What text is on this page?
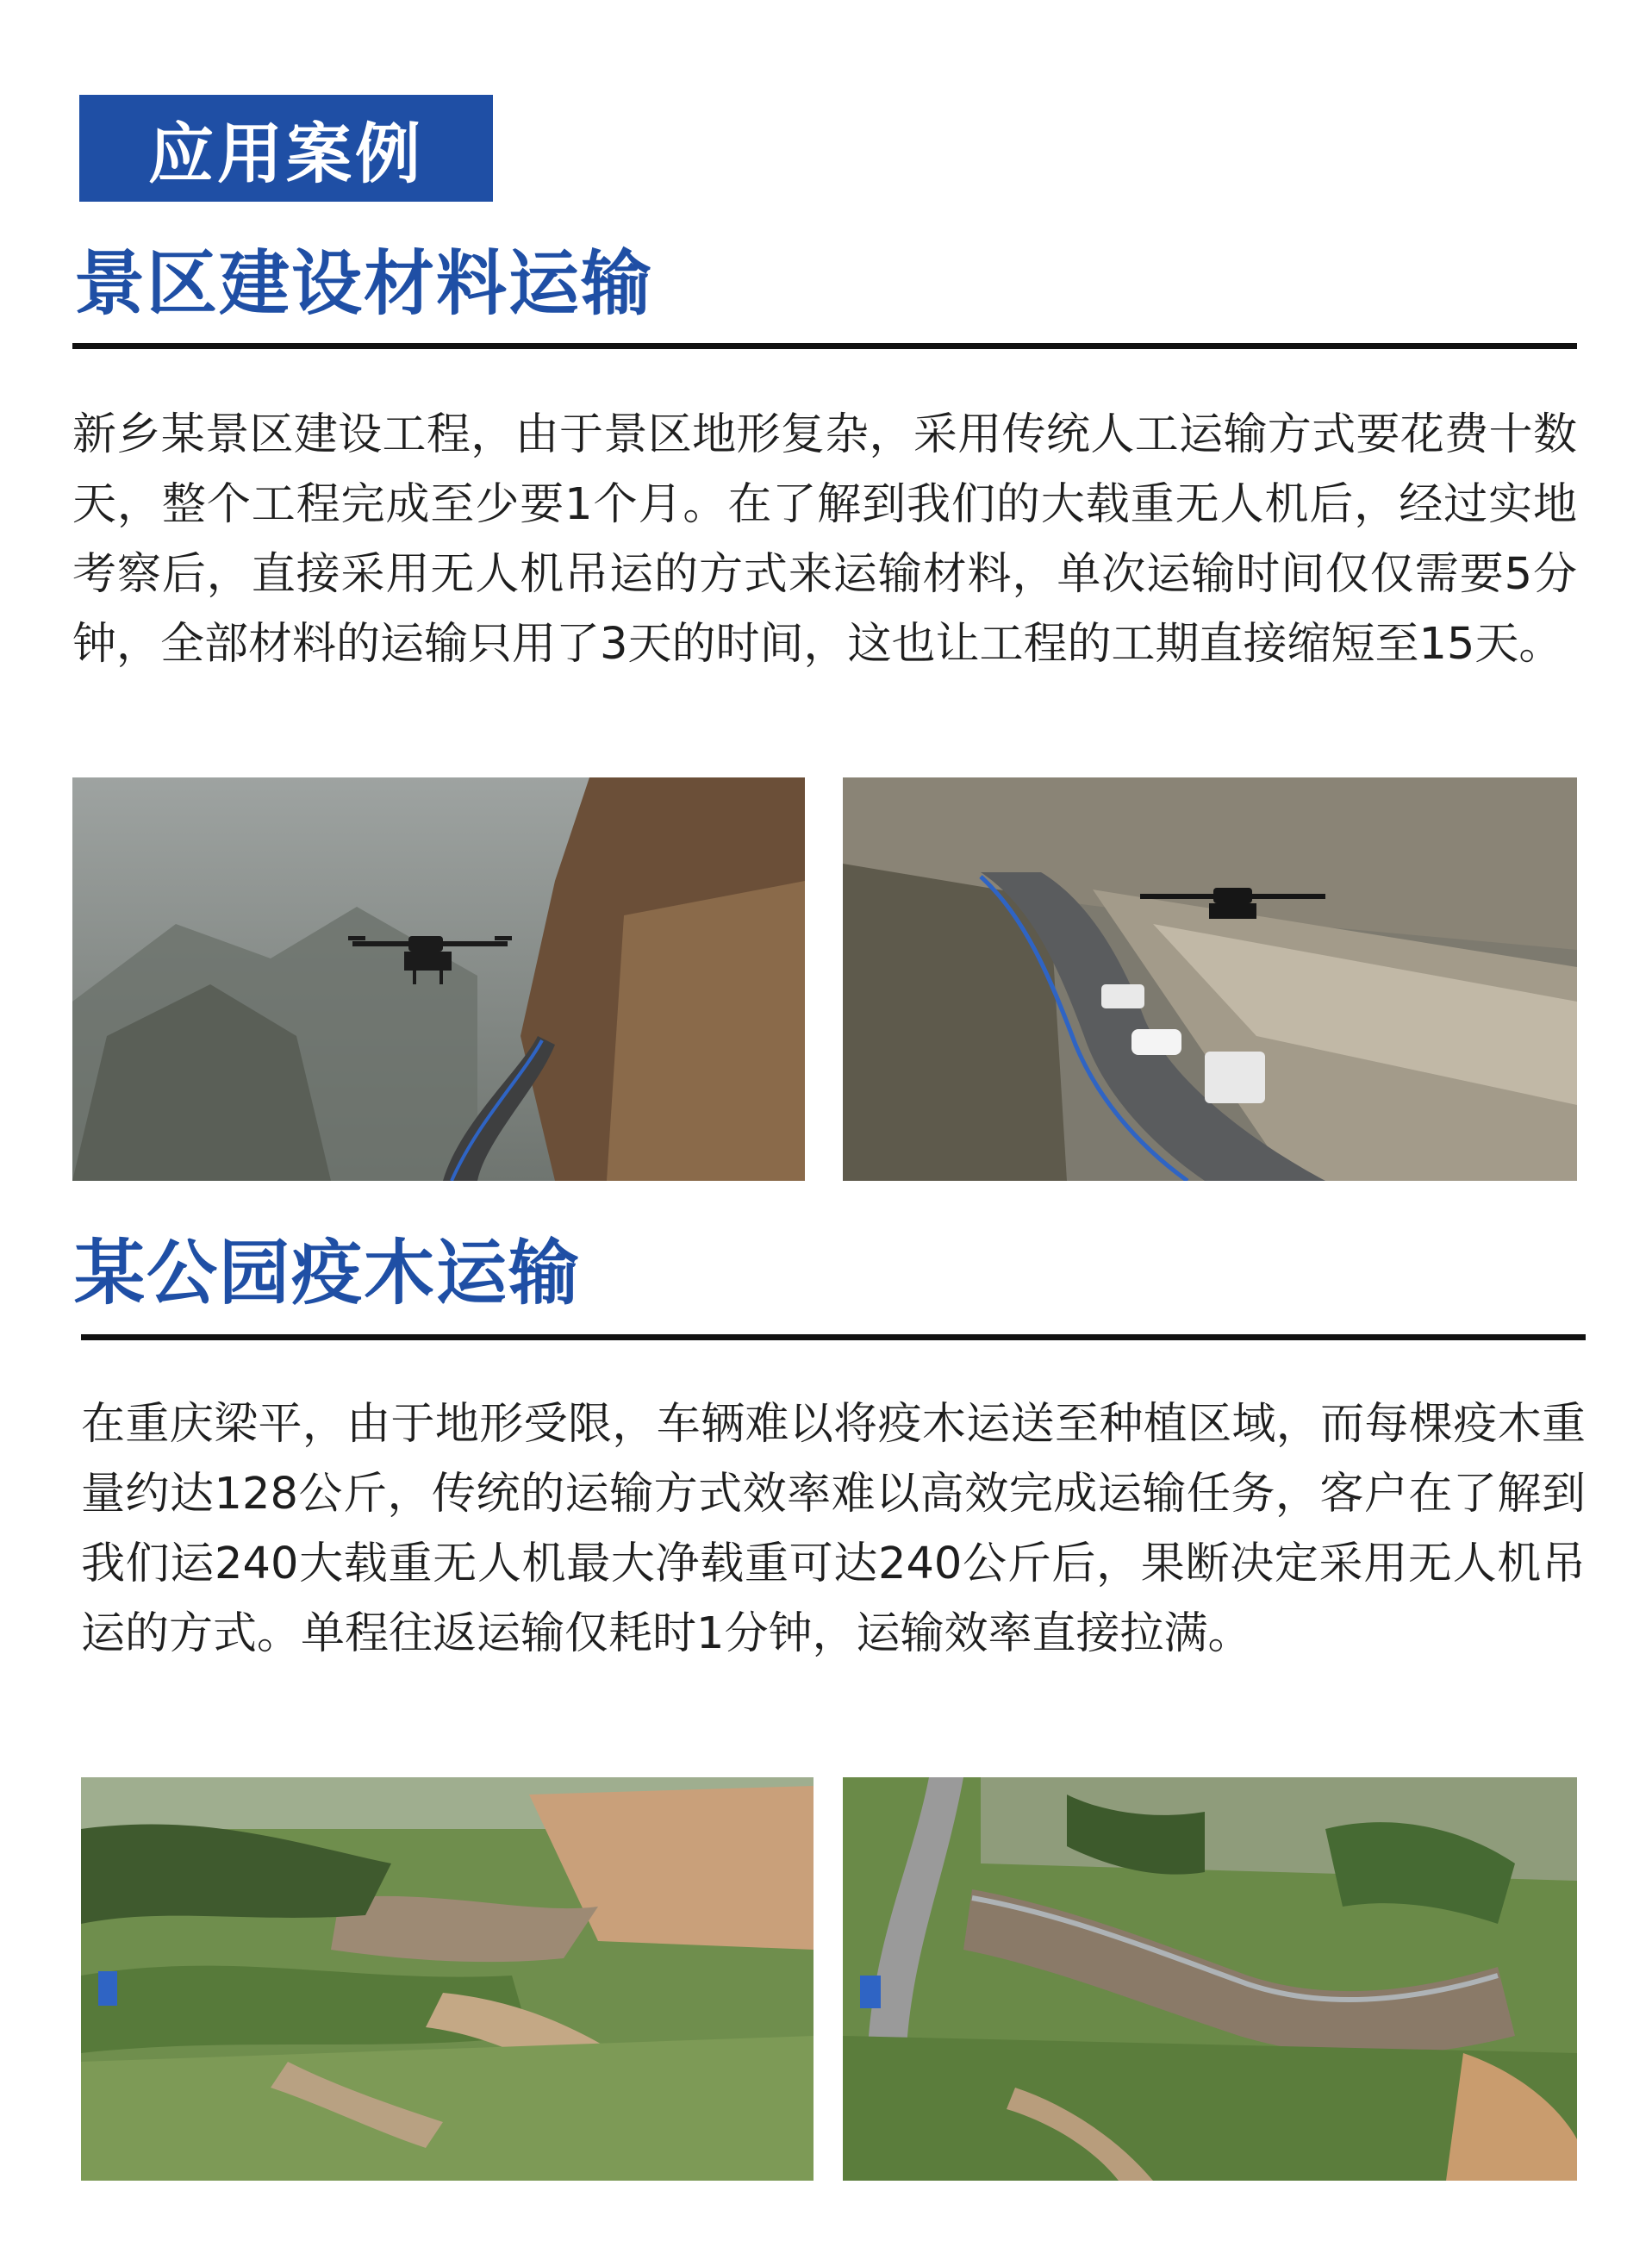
应用案例
景区建设材料运输

新乡某景区建设工程，由于景区地形复杂，采用传统人工运输方式要花费十数天，整个工程完成至少要1个月。在了解到我们的大载重无人机后，经过实地考察后，直接采用无人机吊运的方式来运输材料，单次运输时间仅仅需要5分钟，全部材料的运输只用了3天的时间，这也让工程的工期直接缩短至15天。

某公园疫木运输

在重庆梁平，由于地形受限，车辆难以将疫木运送至种植区域，而每棵疫木重量约达128公斤，传统的运输方式效率难以高效完成运输任务，客户在了解到我们运240大载重无人机最大净载重可达240公斤后，果断决定采用无人机吊运的方式。单程往返运输仅耗时1分钟，运输效率直接拉满。
